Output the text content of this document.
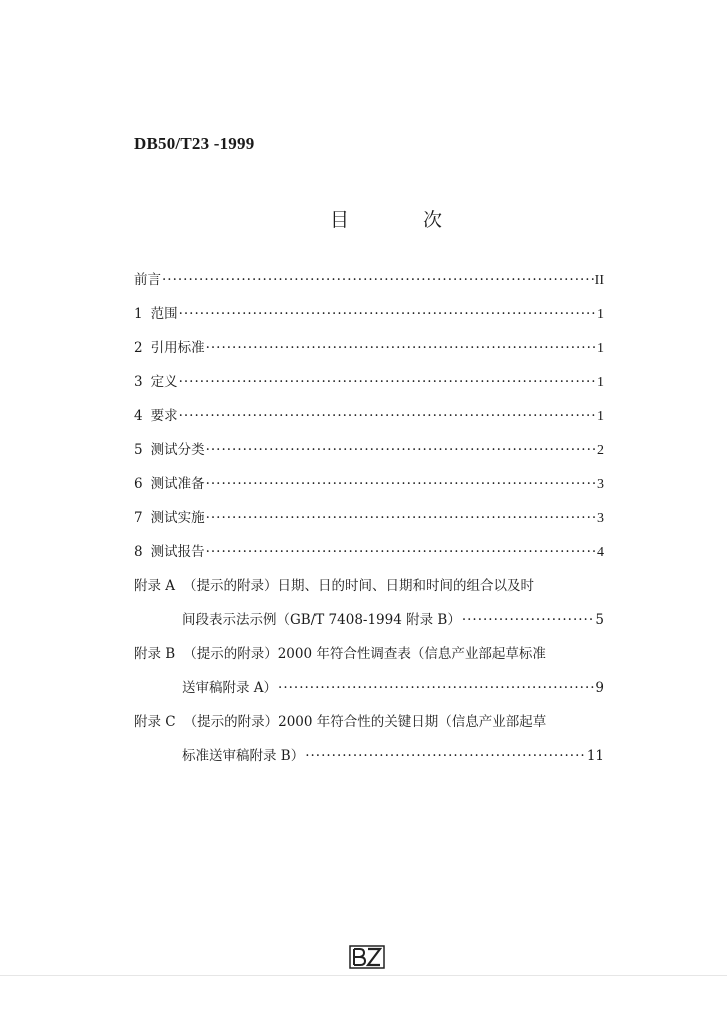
DB50/T23 -1999
目 次
前言 ·····	II
1 范围 ·····	1
2 引用标准 ·····	1
3 定义 ·····	1
4 要求 ·····	1
5 测试分类 ·····	2
6 测试准备 ·····	3
7 测试实施 ·····	3
8 测试报告 ·····	4
附录 A （提示的附录）日期、日的时间、日期和时间的组合以及时
间段表示法示例（GB/T 7408-1994 附录 B） ·····	5
附录 B （提示的附录）2000 年符合性调查表（信息产业部起草标准
送审稿附录 A） ·····	9
附录 C （提示的附录）2000 年符合性的关键日期（信息产业部起草
标准送审稿附录 B） ·····	11
